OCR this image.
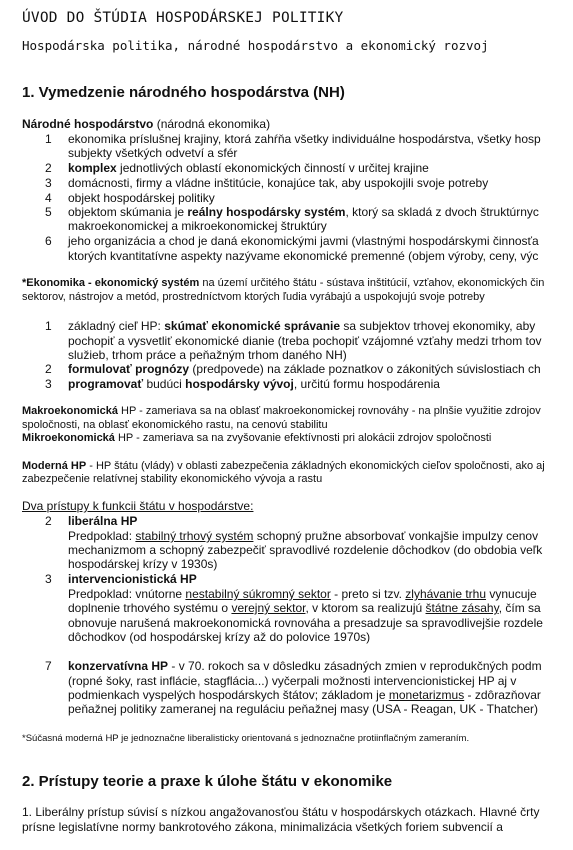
ÚVOD DO ŠTÚDIA HOSPODÁRSKEJ POLITIKY
Hospodárska politika, národné hospodárstvo a ekonomický rozvoj
1. Vymedzenie národného hospodárstva (NH)
Národné hospodárstvo (národná ekonomika)
1 ekonomika príslušnej krajiny, ktorá zahŕňa všetky individuálne hospodárstva, všetky hosp
subjekty všetkých odvetví a sfér
2 komplex jednotlivých oblastí ekonomických činností v určitej krajine
3 domácnosti, firmy a vládne inštitúcie, konajúce tak, aby uspokojili svoje potreby
4 objekt hospodárskej politiky
5 objektom skúmania je reálny hospodársky systém, ktorý sa skladá z dvoch štruktúrnyc
makroekonomickej a mikroekonomickej štruktúry
6 jeho organizácia a chod je daná ekonomickými javmi (vlastnými hospodárskymi činnosťa
ktorých kvantitatívne aspekty nazývame ekonomické premenné (objem výroby, ceny, výc
*Ekonomika - ekonomický systém na území určitého štátu - sústava inštitúcií, vzťahov, ekonomických čin
sektorov, nástrojov a metód, prostredníctvom ktorých ľudia vyrábajú a uspokojujú svoje potreby
1 základný cieľ HP: skúmať ekonomické správanie sa subjektov trhovej ekonomiky, aby
pochopiť a vysvetliť ekonomické dianie (treba pochopiť vzájomné vzťahy medzi trhom tov
služieb, trhom práce a peňažným trhom daného NH)
2 formulovať prognózy (predpovede) na základe poznatkov o zákonitých súvislostiach ch
3 programovať budúci hospodársky vývoj, určitú formu hospodárenia
Makroekonomická HP - zameriava sa na oblasť makroekonomickej rovnováhy - na plnšie využitie zdrojov
spoločnosti, na oblasť ekonomického rastu, na cenovú stabilitu
Mikroekonomická HP - zameriava sa na zvyšovanie efektívnosti pri alokácii zdrojov spoločnosti
Moderná HP - HP štátu (vlády) v oblasti zabezpečenia základných ekonomických cieľov spoločnosti, ako aj
zabezpečenie relatívnej stability ekonomického vývoja a rastu
Dva prístupy k funkcii štátu v hospodárstve:
2 liberálna HP
Predpoklad: stabilný trhový systém schopný pružne absorbovať vonkajšie impulzy cenov
mechanizmom a schopný zabezpečiť spravodlivé rozdelenie dôchodkov (do obdobia veľk
hospodárskej krízy v 1930s)
3 intervencionistická HP
Predpoklad: vnútorne nestabilný súkromný sektor - preto si tzv. zlyhávanie trhu vynucuje
doplnenie trhového systému o verejný sektor, v ktorom sa realizujú štátne zásahy, čím sa
obnovuje narušená makroekonomická rovnováha a presadzuje sa spravodlivejšie rozdele
dôchodkov (od hospodárskej krízy až do polovice 1970s)
7 konzervatívna HP - v 70. rokoch sa v dôsledku zásadných zmien v reprodukčných podm
(ropné šoky, rast inflácie, stagflácia...) vyčerpali možnosti intervencionistickej HP aj v
podmienkach vyspelých hospodárskych štátov; základom je monetarizmus - zdôrazňovar
peňažnej politiky zameranej na reguláciu peňažnej masy (USA - Reagan, UK - Thatcher)
*Súčasná moderná HP je jednoznačne liberalisticky orientovaná s jednoznačne protiinflačným zameraním.
2. Prístupy teorie a praxe k úlohe štátu v ekonomike
1. Liberálny prístup súvisí s nízkou angažovanosťou štátu v hospodárskych otázkach. Hlavné črty
prísne legislatívne normy bankrotového zákona, minimalizácia všetkých foriem subvencií a
